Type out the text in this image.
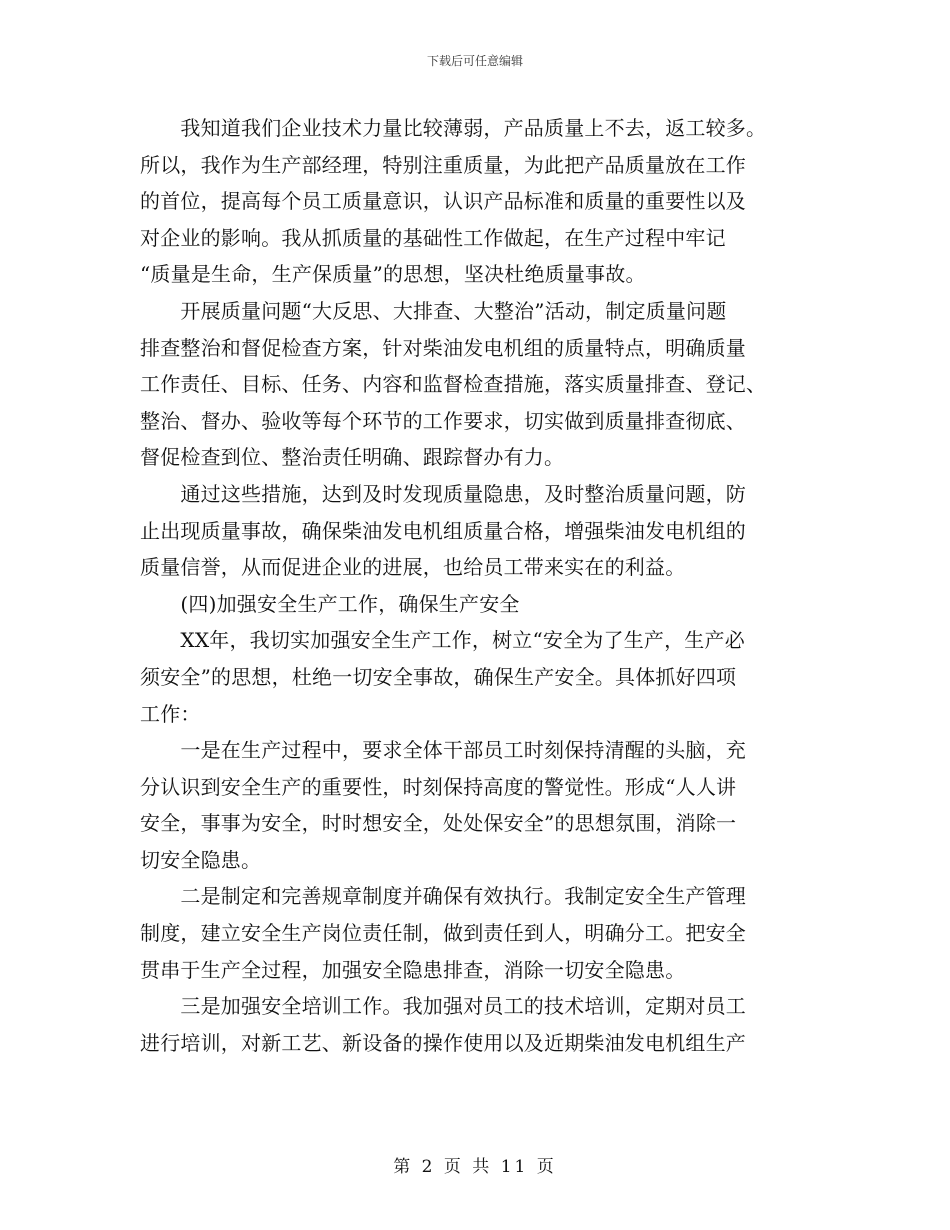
下载后可任意编辑
　　我知道我们企业技术力量比较薄弱，产品质量上不去，返工较多。
所以，我作为生产部经理，特别注重质量，为此把产品质量放在工作
的首位，提高每个员工质量意识，认识产品标准和质量的重要性以及
对企业的影响。我从抓质量的基础性工作做起，在生产过程中牢记
“质量是生命，生产保质量”的思想，坚决杜绝质量事故。
　　开展质量问题“大反思、大排查、大整治”活动，制定质量问题
排查整治和督促检查方案，针对柴油发电机组的质量特点，明确质量
工作责任、目标、任务、内容和监督检查措施，落实质量排查、登记、
整治、督办、验收等每个环节的工作要求，切实做到质量排查彻底、
督促检查到位、整治责任明确、跟踪督办有力。
　　通过这些措施，达到及时发现质量隐患，及时整治质量问题，防
止出现质量事故，确保柴油发电机组质量合格，增强柴油发电机组的
质量信誉，从而促进企业的进展，也给员工带来实在的利益。
　　(四)加强安全生产工作，确保生产安全
　　XX年，我切实加强安全生产工作，树立“安全为了生产，生产必
须安全”的思想，杜绝一切安全事故，确保生产安全。具体抓好四项
工作：
　　一是在生产过程中，要求全体干部员工时刻保持清醒的头脑，充
分认识到安全生产的重要性，时刻保持高度的警觉性。形成“人人讲
安全，事事为安全，时时想安全，处处保安全”的思想氛围，消除一
切安全隐患。
　　二是制定和完善规章制度并确保有效执行。我制定安全生产管理
制度，建立安全生产岗位责任制，做到责任到人，明确分工。把安全
贯串于生产全过程，加强安全隐患排查，消除一切安全隐患。
　　三是加强安全培训工作。我加强对员工的技术培训，定期对员工
进行培训，对新工艺、新设备的操作使用以及近期柴油发电机组生产
第 2 页 共 11 页
